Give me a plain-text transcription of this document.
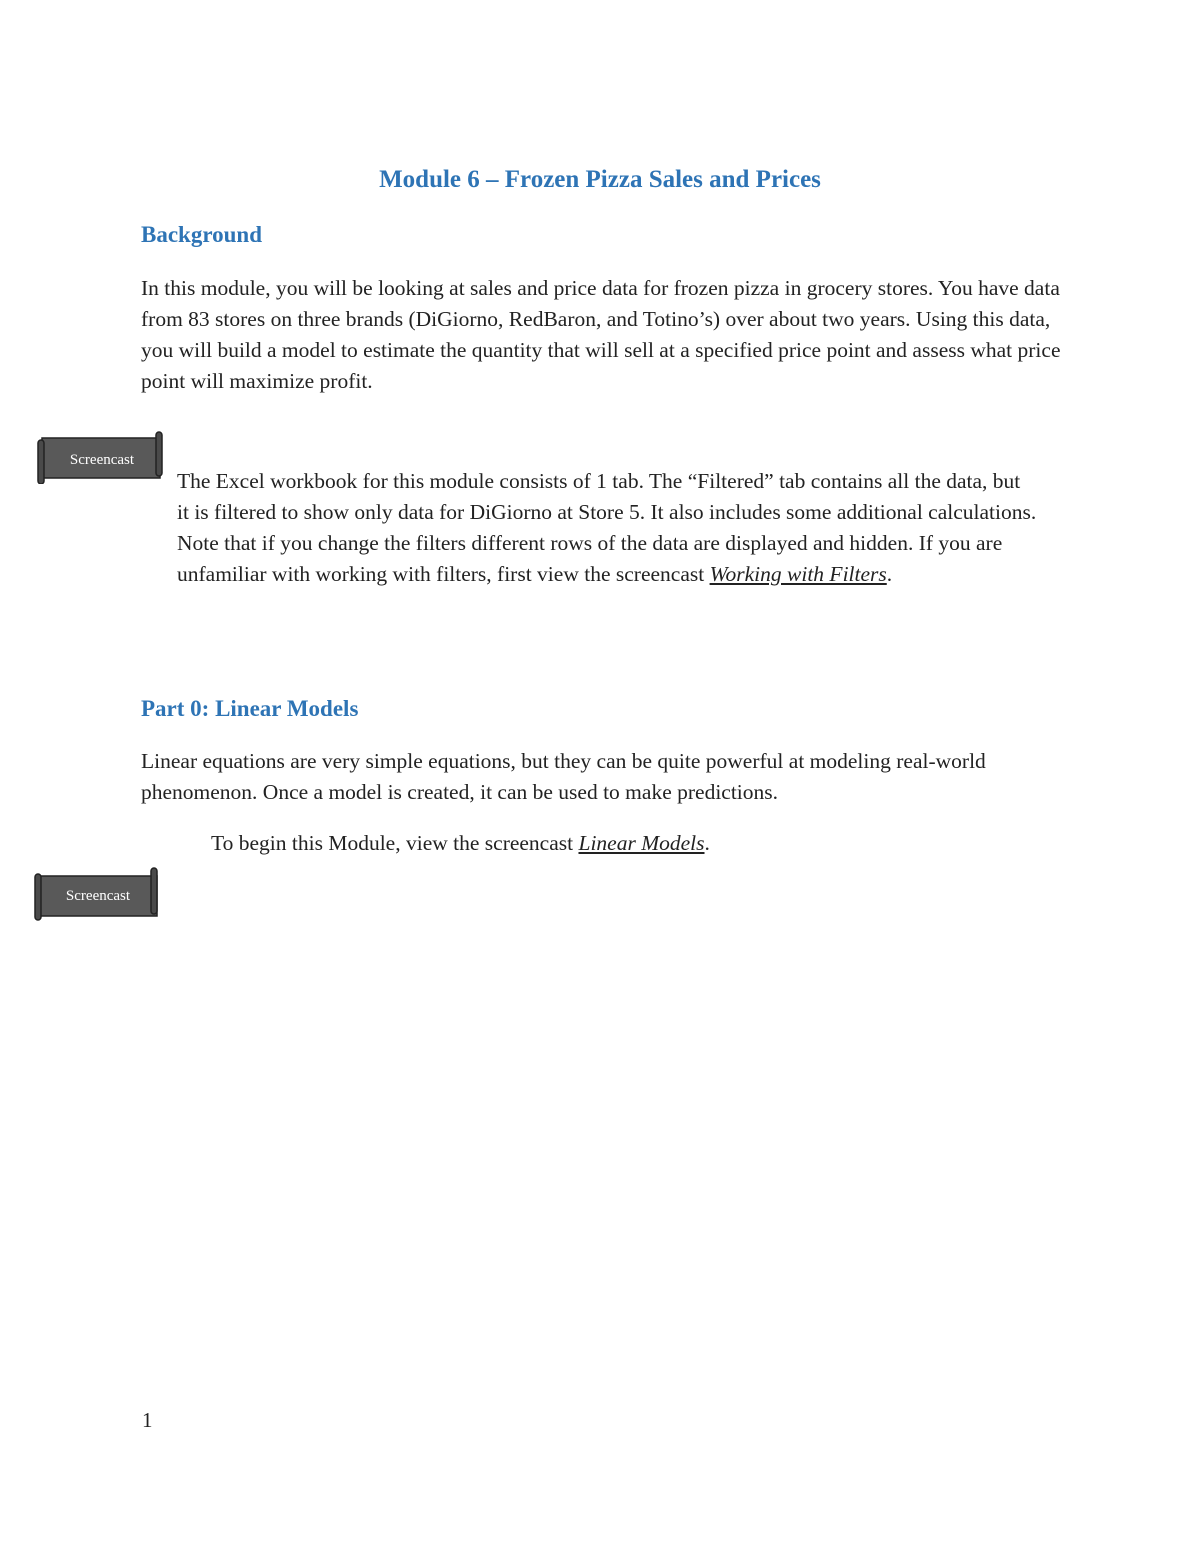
Module 6 – Frozen Pizza Sales and Prices
Background

In this module, you will be looking at sales and price data for frozen pizza in grocery stores. You have data from 83 stores on three brands (DiGiorno, RedBaron, and Totino’s) over about two years. Using this data, you will build a model to estimate the quantity that will sell at a specified price point and assess what price point will maximize profit.

Screencast

The Excel workbook for this module consists of 1 tab. The “Filtered” tab contains all the data, but it is filtered to show only data for DiGiorno at Store 5. It also includes some additional calculations. Note that if you change the filters different rows of the data are displayed and hidden. If you are unfamiliar with working with filters, first view the screencast Working with Filters.

Part 0: Linear Models

Linear equations are very simple equations, but they can be quite powerful at modeling real-world phenomenon. Once a model is created, it can be used to make predictions.

To begin this Module, view the screencast Linear Models.

Screencast

1
